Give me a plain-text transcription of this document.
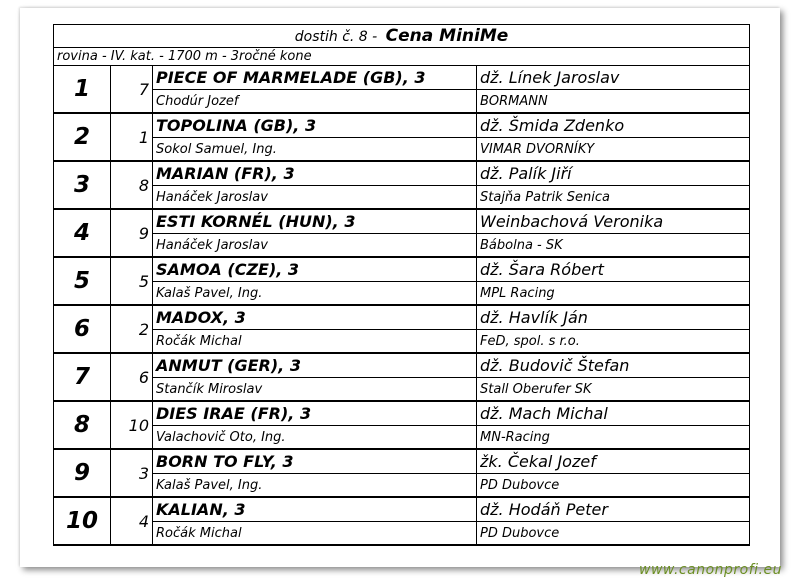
dostih č. 8 - Cena MiniMe			
rovina - IV. kat. - 1700 m - 3ročné kone			
1	7	PIECE OF MARMELADE (GB), 3	dž. Línek Jaroslav
		Chodúr Jozef	BORMANN
2	1	TOPOLINA (GB), 3	dž. Šmida Zdenko
		Sokol Samuel, Ing.	VIMAR DVORNÍKY
3	8	MARIAN (FR), 3	dž. Palík Jiří
		Hanáček Jaroslav	Stajňa Patrik Senica
4	9	ESTI KORNÉL (HUN), 3	Weinbachová Veronika
		Hanáček Jaroslav	Bábolna - SK
5	5	SAMOA (CZE), 3	dž. Šara Róbert
		Kalaš Pavel, Ing.	MPL Racing
6	2	MADOX, 3	dž. Havlík Ján
		Ročák Michal	FeD, spol. s r.o.
7	6	ANMUT (GER), 3	dž. Budovič Štefan
		Stančík Miroslav	Stall Oberufer SK
8	10	DIES IRAE (FR), 3	dž. Mach Michal
		Valachovič Oto, Ing.	MN-Racing
9	3	BORN TO FLY, 3	žk. Čekal Jozef
		Kalaš Pavel, Ing.	PD Dubovce
10	4	KALIAN, 3	dž. Hodáň Peter
		Ročák Michal	PD Dubovce
www.canonprofi.eu
